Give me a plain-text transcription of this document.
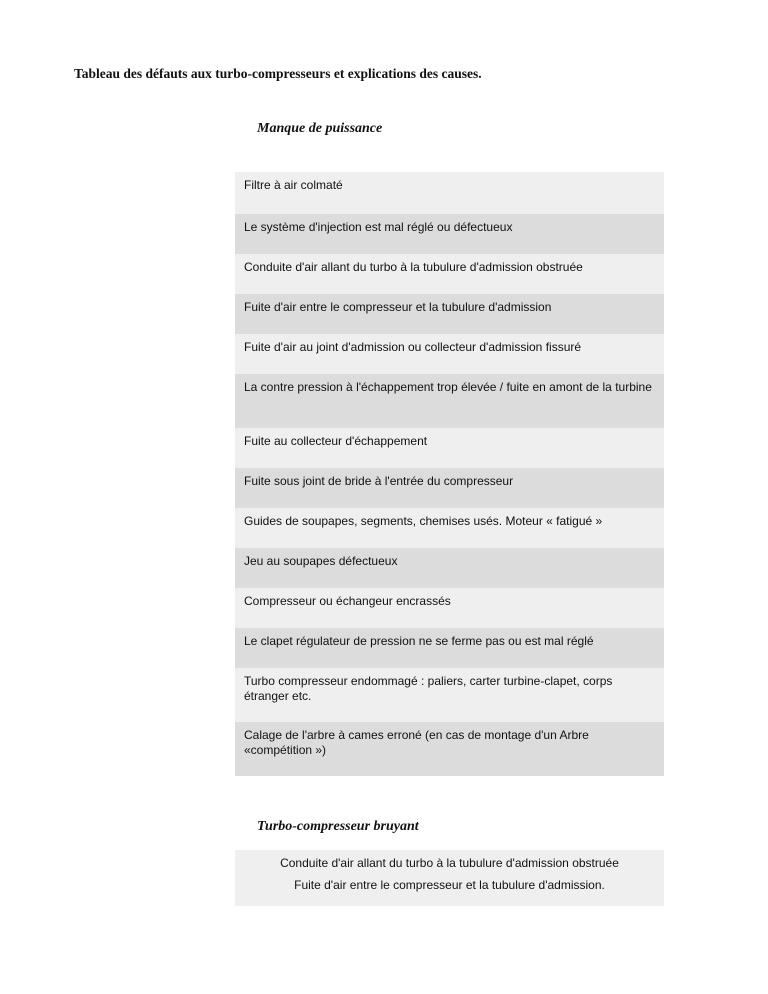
Tableau des défauts aux turbo-compresseurs et explications des causes.
Manque de puissance
Filtre à air colmaté
Le système d'injection est mal réglé ou défectueux
Conduite d'air allant du turbo à la tubulure d'admission obstruée
Fuite d'air entre le compresseur et la tubulure d'admission
Fuite d'air au joint d'admission ou collecteur d'admission fissuré
La contre pression à l'échappement trop élevée / fuite en amont de la turbine
Fuite au collecteur d'échappement
Fuite sous joint de bride à l'entrée du compresseur
Guides de soupapes, segments, chemises usés. Moteur « fatigué »
Jeu au soupapes défectueux
Compresseur ou échangeur encrassés
Le clapet régulateur de pression ne se ferme pas ou est mal réglé
Turbo compresseur endommagé : paliers, carter turbine-clapet, corps étranger etc.
Calage de l'arbre à cames erroné (en cas de montage d'un Arbre «compétition »)
Turbo-compresseur bruyant
Conduite d'air allant du turbo à la tubulure d'admission obstruée
Fuite d'air entre le compresseur et la tubulure d'admission.
